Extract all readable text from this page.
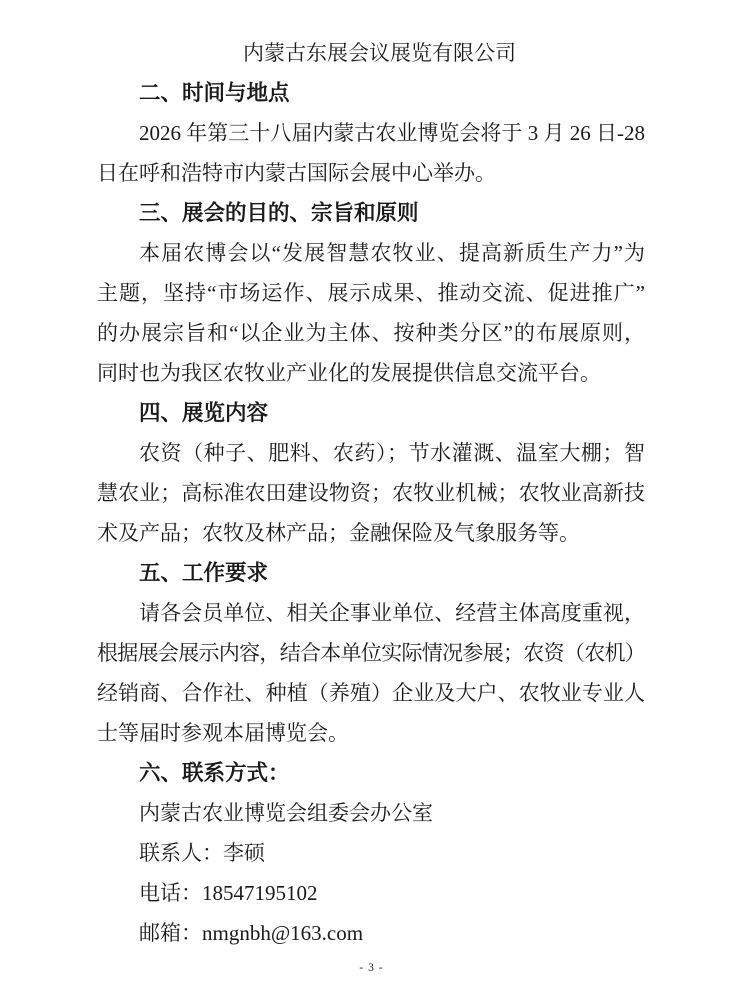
内蒙古东展会议展览有限公司
二、时间与地点
2026 年第三十八届内蒙古农业博览会将于 3 月 26 日-28
日在呼和浩特市内蒙古国际会展中心举办。
三、展会的目的、宗旨和原则
本届农博会以“发展智慧农牧业、提高新质生产力”为
主题，坚持“市场运作、展示成果、推动交流、促进推广”
的办展宗旨和“以企业为主体、按种类分区”的布展原则，
同时也为我区农牧业产业化的发展提供信息交流平台。
四、展览内容
农资（种子、肥料、农药）；节水灌溉、温室大棚；智
慧农业；高标准农田建设物资；农牧业机械；农牧业高新技
术及产品；农牧及林产品；金融保险及气象服务等。
五、工作要求
请各会员单位、相关企事业单位、经营主体高度重视，
根据展会展示内容，结合本单位实际情况参展；农资（农机）
经销商、合作社、种植（养殖）企业及大户、农牧业专业人
士等届时参观本届博览会。
六、联系方式：
内蒙古农业博览会组委会办公室
联系人：李硕
电话：18547195102
邮箱：nmgnbh@163.com
- 3 -
